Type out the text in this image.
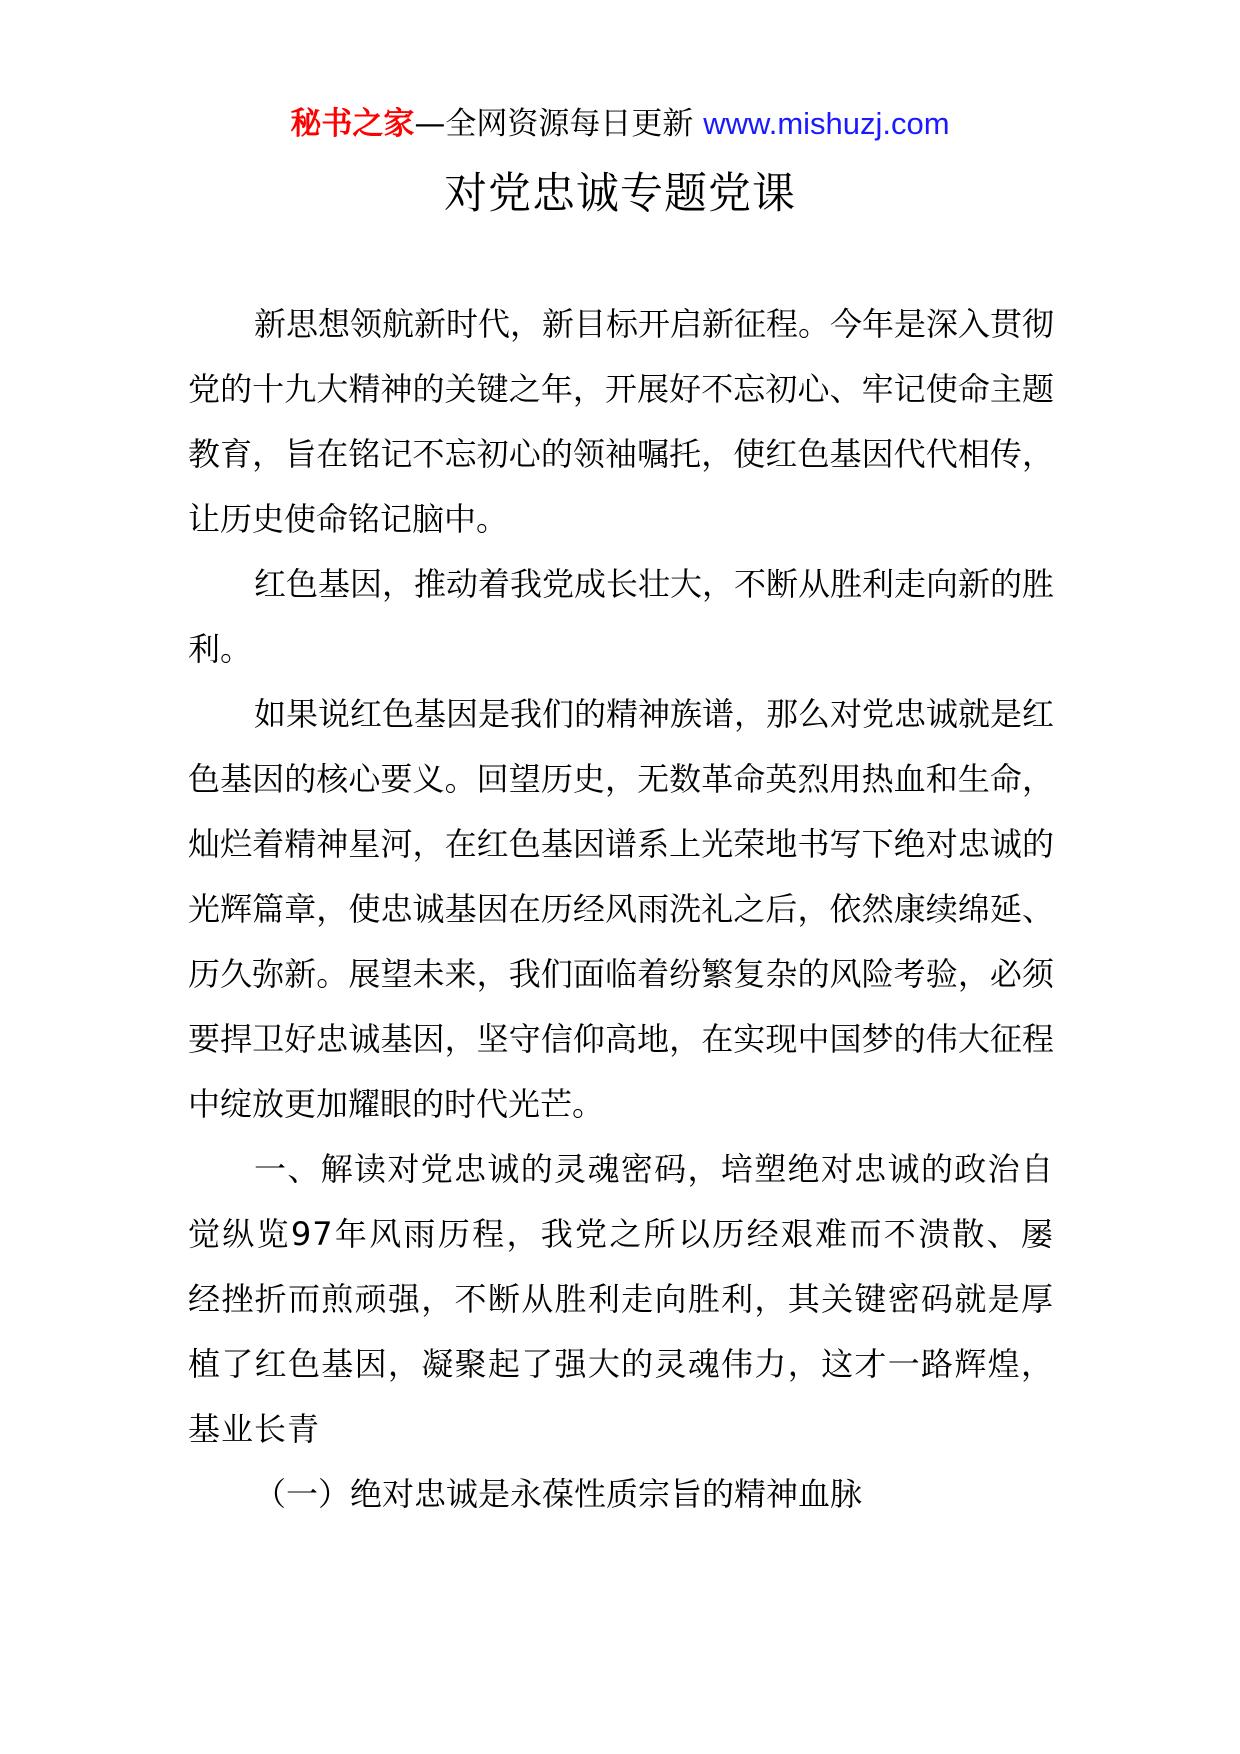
秘书之家—全网资源每日更新 www.mishuzj.com
对党忠诚专题党课

新思想领航新时代，新目标开启新征程。今年是深入贯彻党的十九大精神的关键之年，开展好不忘初心、牢记使命主题教育，旨在铭记不忘初心的领袖嘱托，使红色基因代代相传，让历史使命铭记脑中。

红色基因，推动着我党成长壮大，不断从胜利走向新的胜利。

如果说红色基因是我们的精神族谱，那么对党忠诚就是红色基因的核心要义。回望历史，无数革命英烈用热血和生命，灿烂着精神星河，在红色基因谱系上光荣地书写下绝对忠诚的光辉篇章，使忠诚基因在历经风雨洗礼之后，依然康续绵延、历久弥新。展望未来，我们面临着纷繁复杂的风险考验，必须要捍卫好忠诚基因，坚守信仰高地，在实现中国梦的伟大征程中绽放更加耀眼的时代光芒。

一、解读对党忠诚的灵魂密码，培塑绝对忠诚的政治自觉纵览97年风雨历程，我党之所以历经艰难而不溃散、屡经挫折而煎顽强，不断从胜利走向胜利，其关键密码就是厚植了红色基因，凝聚起了强大的灵魂伟力，这才一路辉煌，基业长青

（一）绝对忠诚是永葆性质宗旨的精神血脉
